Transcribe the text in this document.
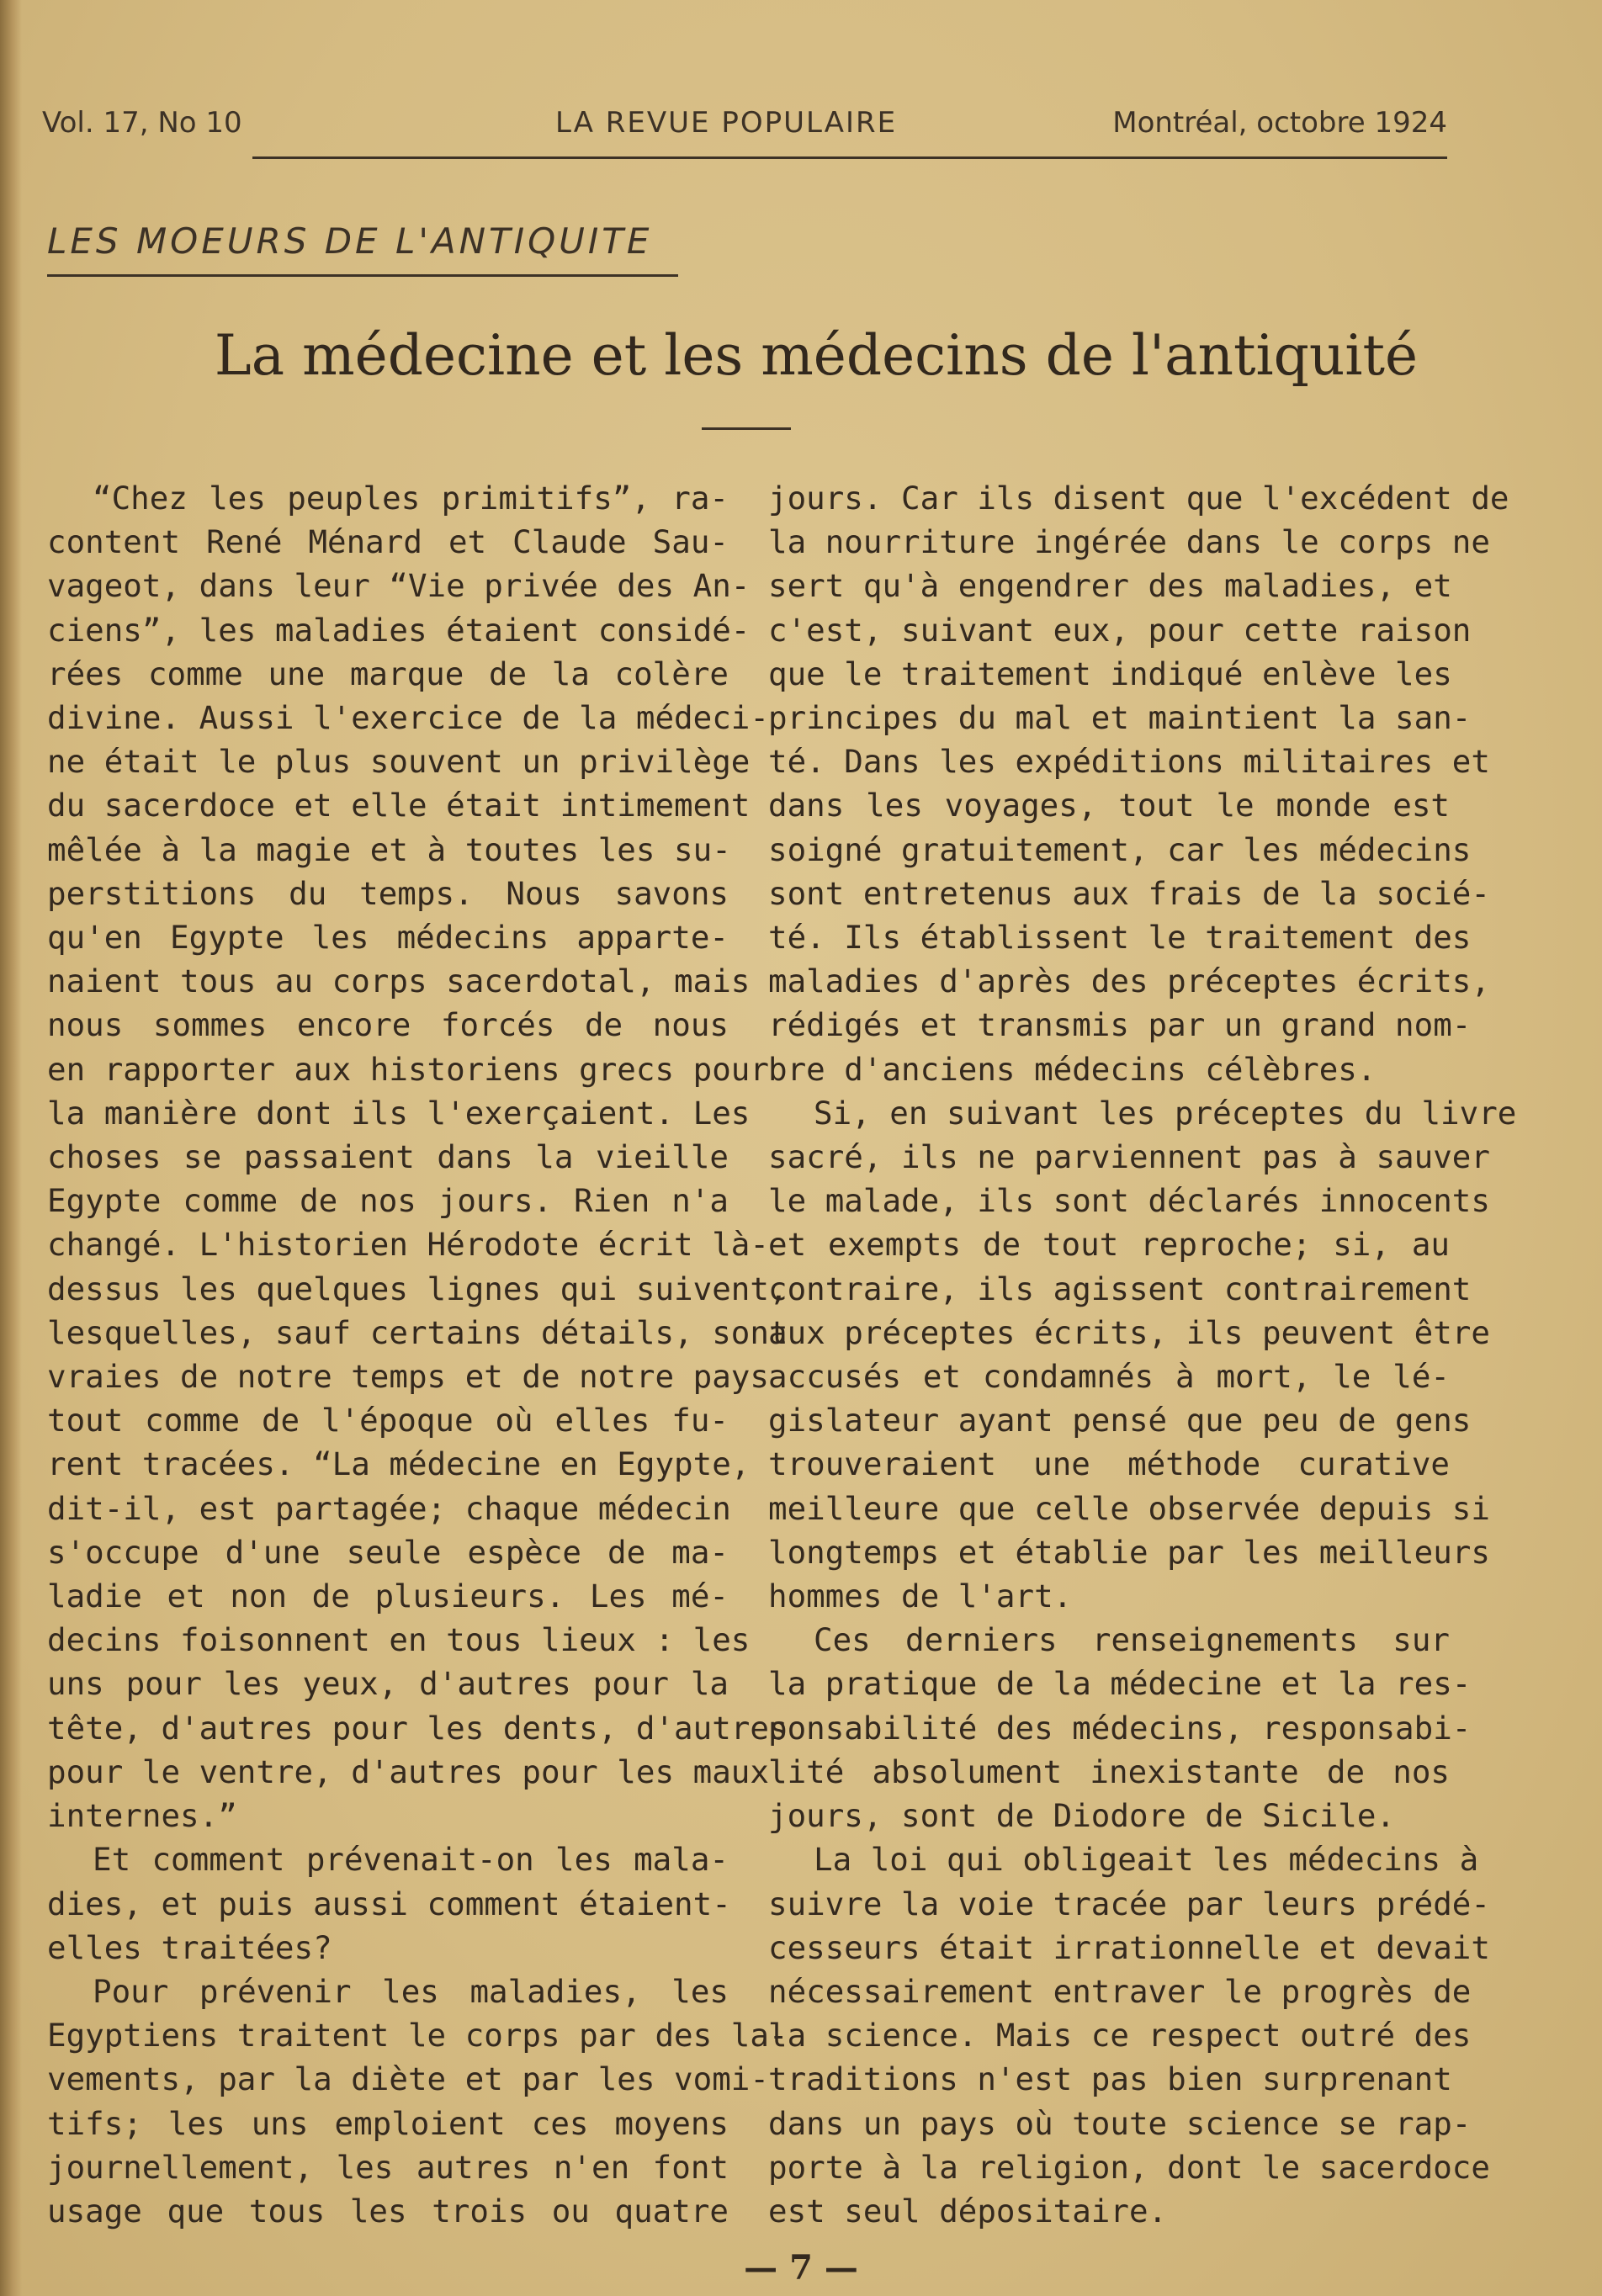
Vol. 17, No 10	LA REVUE POPULAIRE	Montréal, octobre 1924
LES MOEURS DE L'ANTIQUITE
La médecine et les médecins de l'antiquité
“Chez les peuples primitifs”, ra-
content René Ménard et Claude Sau-
vageot, dans leur “Vie privée des An-
ciens”, les maladies étaient considé-
rées comme une marque de la colère
divine. Aussi l'exercice de la médeci-
ne était le plus souvent un privilège
du sacerdoce et elle était intimement
mêlée à la magie et à toutes les su-
perstitions du temps. Nous savons
qu'en Egypte les médecins apparte-
naient tous au corps sacerdotal, mais
nous sommes encore forcés de nous
en rapporter aux historiens grecs pour
la manière dont ils l'exerçaient. Les
choses se passaient dans la vieille
Egypte comme de nos jours. Rien n'a
changé. L'historien Hérodote écrit là-
dessus les quelques lignes qui suivent,
lesquelles, sauf certains détails, sont
vraies de notre temps et de notre pays
tout comme de l'époque où elles fu-
rent tracées. “La médecine en Egypte,
dit-il, est partagée; chaque médecin
s'occupe d'une seule espèce de ma-
ladie et non de plusieurs. Les mé-
decins foisonnent en tous lieux : les
uns pour les yeux, d'autres pour la
tête, d'autres pour les dents, d'autres
pour le ventre, d'autres pour les maux
internes.”
Et comment prévenait-on les mala-
dies, et puis aussi comment étaient-
elles traitées?
Pour prévenir les maladies, les
Egyptiens traitent le corps par des la-
vements, par la diète et par les vomi-
tifs; les uns emploient ces moyens
journellement, les autres n'en font
usage que tous les trois ou quatre
jours. Car ils disent que l'excédent de
la nourriture ingérée dans le corps ne
sert qu'à engendrer des maladies, et
c'est, suivant eux, pour cette raison
que le traitement indiqué enlève les
principes du mal et maintient la san-
té. Dans les expéditions militaires et
dans les voyages, tout le monde est
soigné gratuitement, car les médecins
sont entretenus aux frais de la socié-
té. Ils établissent le traitement des
maladies d'après des préceptes écrits,
rédigés et transmis par un grand nom-
bre d'anciens médecins célèbres.
Si, en suivant les préceptes du livre
sacré, ils ne parviennent pas à sauver
le malade, ils sont déclarés innocents
et exempts de tout reproche; si, au
contraire, ils agissent contrairement
aux préceptes écrits, ils peuvent être
accusés et condamnés à mort, le lé-
gislateur ayant pensé que peu de gens
trouveraient une méthode curative
meilleure que celle observée depuis si
longtemps et établie par les meilleurs
hommes de l'art.
Ces derniers renseignements sur
la pratique de la médecine et la res-
ponsabilité des médecins, responsabi-
lité absolument inexistante de nos
jours, sont de Diodore de Sicile.
La loi qui obligeait les médecins à
suivre la voie tracée par leurs prédé-
cesseurs était irrationnelle et devait
nécessairement entraver le progrès de
la science. Mais ce respect outré des
traditions n'est pas bien surprenant
dans un pays où toute science se rap-
porte à la religion, dont le sacerdoce
est seul dépositaire.
— 7 —
